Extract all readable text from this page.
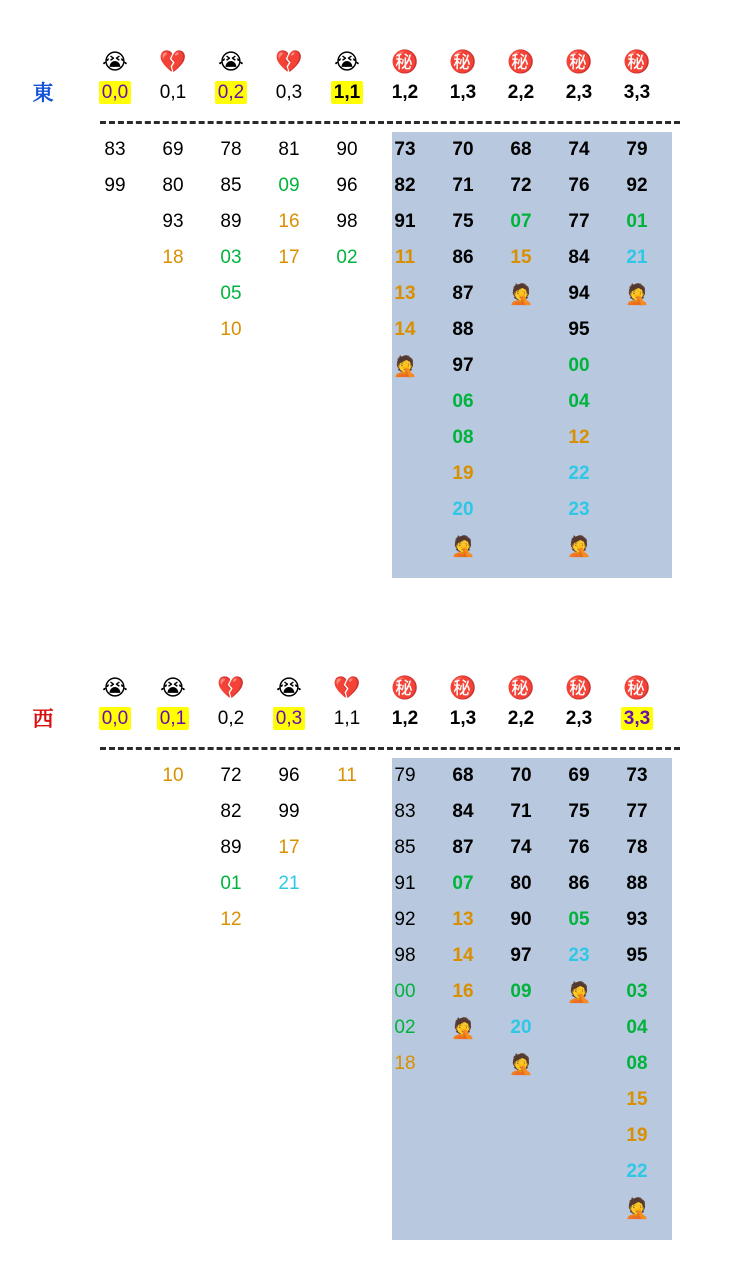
東
😭
0,0
💔
0,1
😭
0,2
💔
0,3
😭
1,1
㊙️
1,2
㊙️
1,3
㊙️
2,2
㊙️
2,3
㊙️
3,3
83
99
69
80
93
18
78
85
89
03
05
10
81
09
16
17
90
96
98
02
73
82
91
11
13
14
🤦
70
71
75
86
87
88
97
06
08
19
20
🤦
68
72
07
15
🤦
74
76
77
84
94
95
00
04
12
22
23
🤦
79
92
01
21
🤦
西
😭
0,0
😭
0,1
💔
0,2
😭
0,3
💔
1,1
㊙️
1,2
㊙️
1,3
㊙️
2,2
㊙️
2,3
㊙️
3,3
10 72
82
89
01
12
96
99
17
21
11 79
83
85
91
92
98
00
02
18
68
84
87
07
13
14
16
🤦
70
71
74
80
90
97
09
20
🤦
69
75
76
86
05
23
🤦
73
77
78
88
93
95
03
04
08
15
19
22
🤦
